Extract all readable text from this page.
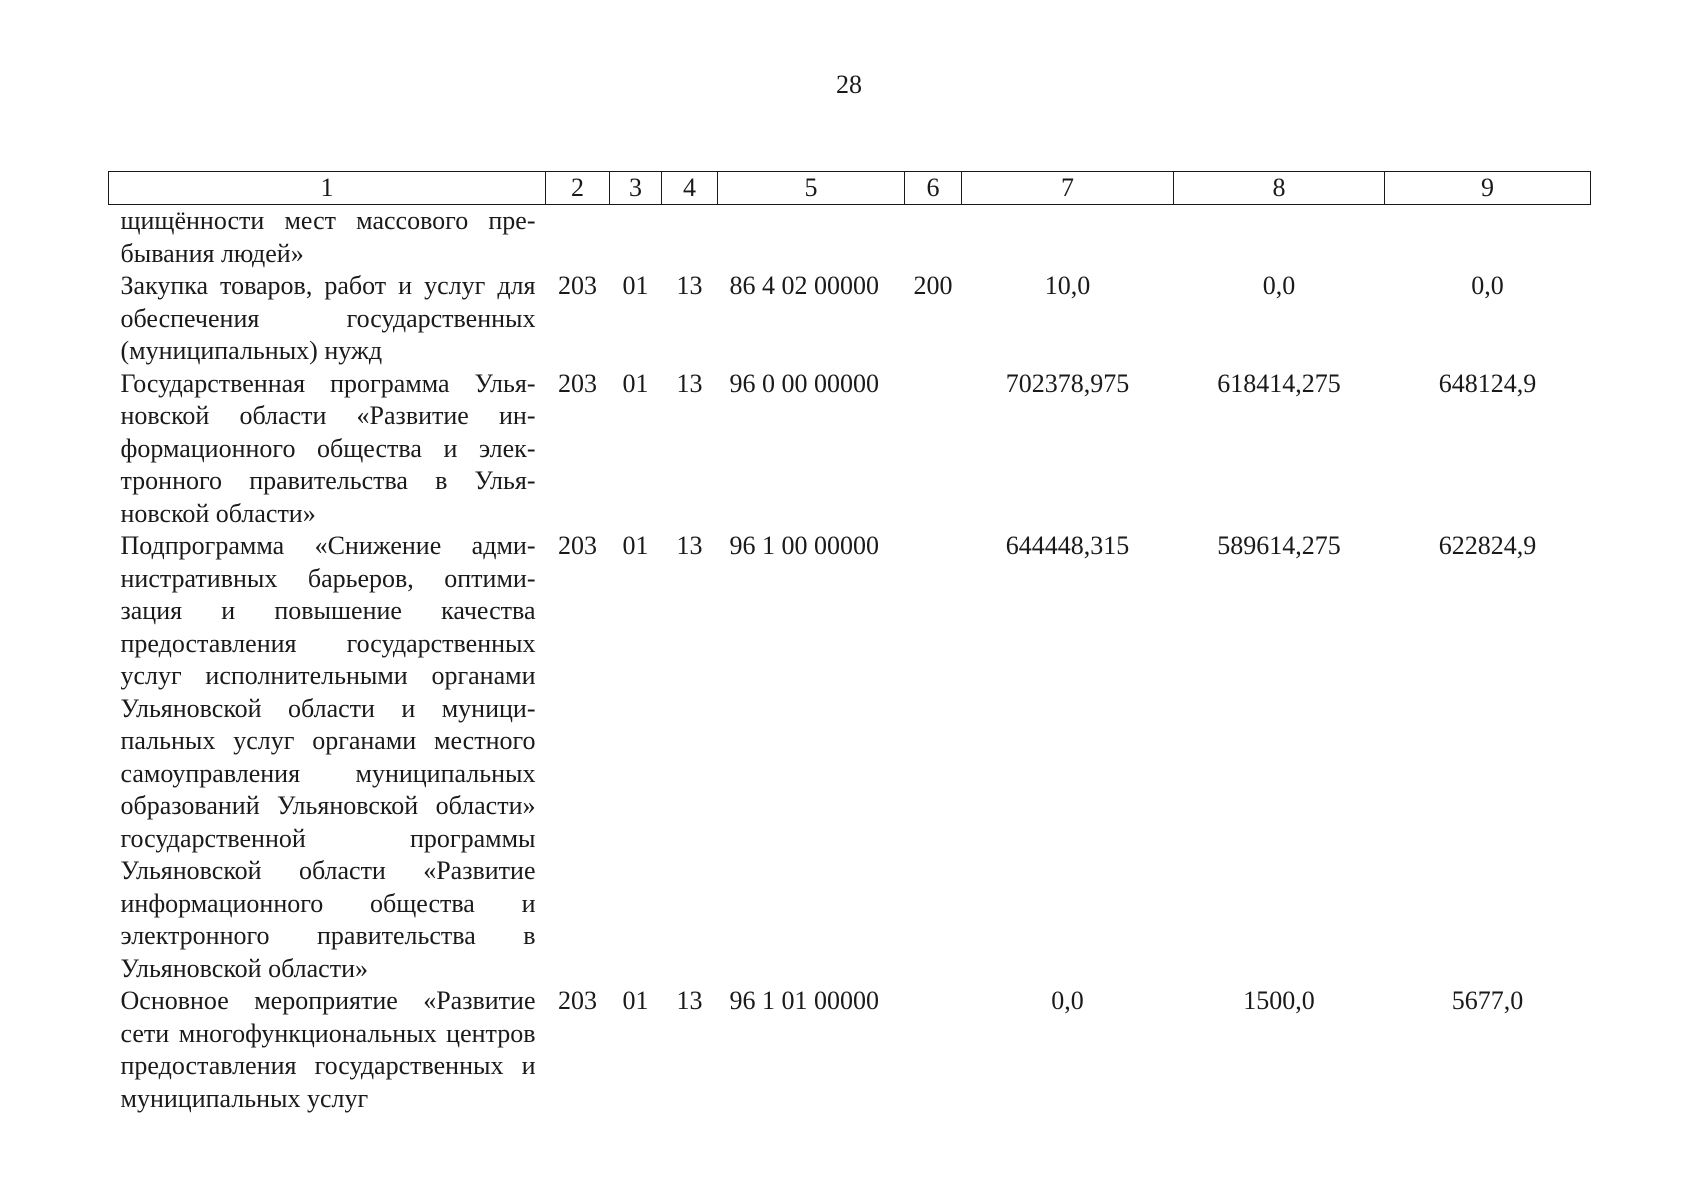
28
1	2	3	4	5	6	7	8	9
щищённости мест массового пребывания людей»								
Закупка товаров, работ и услуг для обеспечения государственных (муниципальных) нужд	203	01	13	86 4 02 00000	200	10,0	0,0	0,0
Государственная программа Ульяновской области «Развитие информационного общества и электронного правительства в Ульяновской области»	203	01	13	96 0 00 00000		702378,975	618414,275	648124,9
Подпрограмма «Снижение административных барьеров, оптимизация и повышение качества предоставления государственных услуг исполнительными органами Ульяновской области и муниципальных услуг органами местного самоуправления муниципальных образований Ульяновской области» государственной программы Ульяновской области «Развитие информационного общества и электронного правительства в Ульяновской области»	203	01	13	96 1 00 00000		644448,315	589614,275	622824,9
Основное мероприятие «Развитие сети многофункциональных центров предоставления государственных и муниципальных услуг	203	01	13	96 1 01 00000		0,0	1500,0	5677,0
